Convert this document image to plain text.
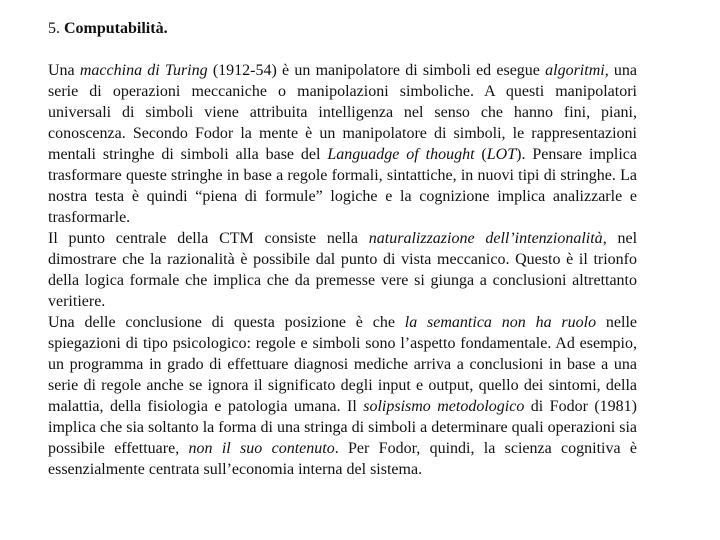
5. Computabilità.

Una macchina di Turing (1912-54) è un manipolatore di simboli ed esegue algoritmi, una serie di operazioni meccaniche o manipolazioni simboliche. A questi manipolatori universali di simboli viene attribuita intelligenza nel senso che hanno fini, piani, conoscenza. Secondo Fodor la mente è un manipolatore di simboli, le rappresentazioni mentali stringhe di simboli alla base del Languadge of thought (LOT). Pensare implica trasformare queste stringhe in base a regole formali, sintattiche, in nuovi tipi di stringhe. La nostra testa è quindi “piena di formule” logiche e la cognizione implica analizzarle e trasformarle.

Il punto centrale della CTM consiste nella naturalizzazione dell’intenzionalità, nel dimostrare che la razionalità è possibile dal punto di vista meccanico. Questo è il trionfo della logica formale che implica che da premesse vere si giunga a conclusioni altrettanto veritiere.

Una delle conclusione di questa posizione è che la semantica non ha ruolo nelle spiegazioni di tipo psicologico: regole e simboli sono l’aspetto fondamentale. Ad esempio, un programma in grado di effettuare diagnosi mediche arriva a conclusioni in base a una serie di regole anche se ignora il significato degli input e output, quello dei sintomi, della malattia, della fisiologia e patologia umana. Il solipsismo metodologico di Fodor (1981) implica che sia soltanto la forma di una stringa di simboli a determinare quali operazioni sia possibile effettuare, non il suo contenuto. Per Fodor, quindi, la scienza cognitiva è essenzialmente centrata sull’economia interna del sistema.
